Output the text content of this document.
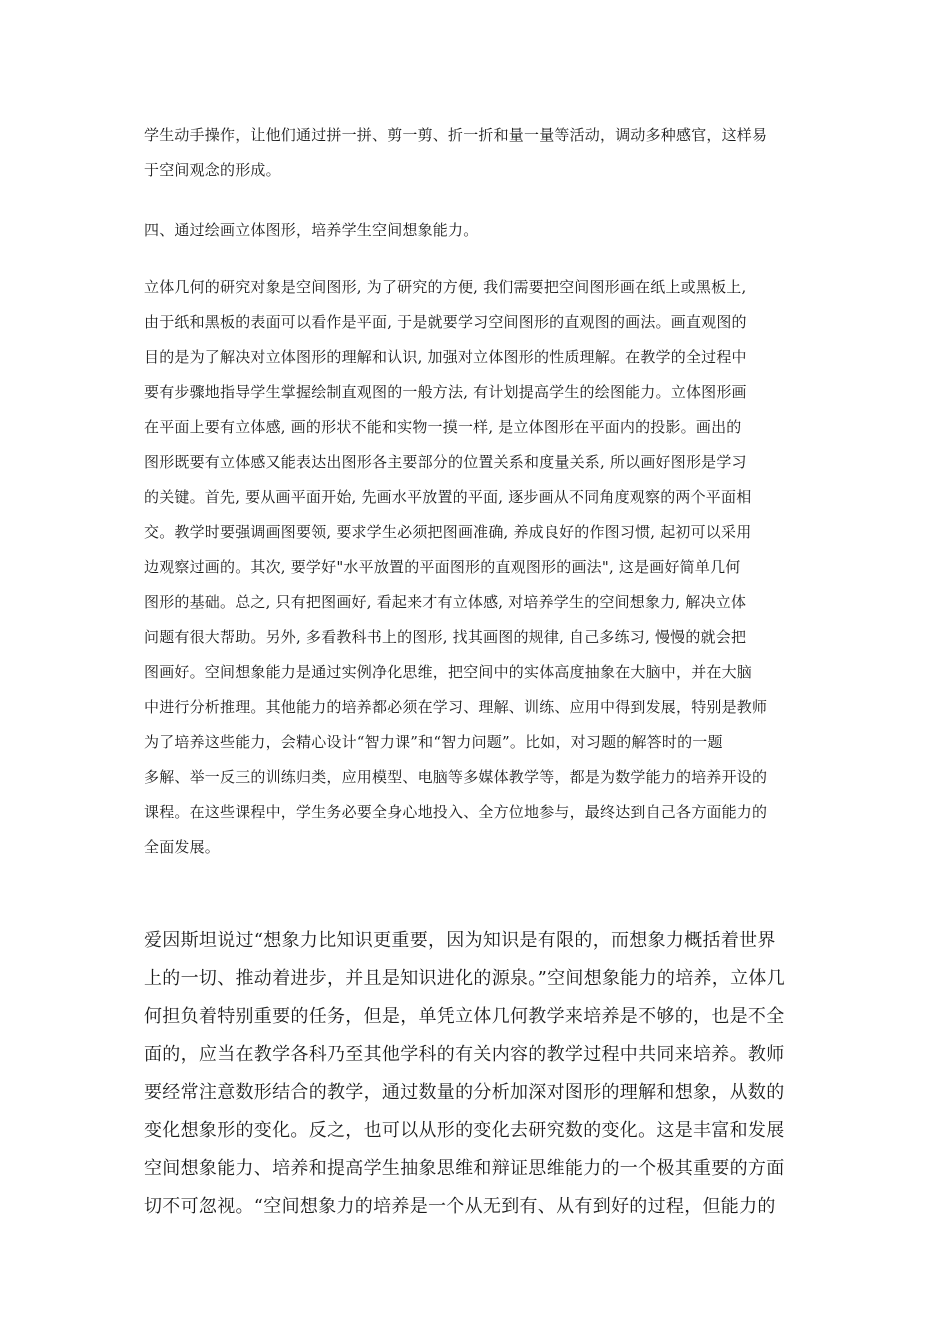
学生动手操作，让他们通过拼一拼、剪一剪、折一折和量一量等活动，调动多种感官，这样易
于空间观念的形成。

四、通过绘画立体图形，培养学生空间想象能力。

立体几何的研究对象是空间图形, 为了研究的方便, 我们需要把空间图形画在纸上或黑板上,
由于纸和黑板的表面可以看作是平面, 于是就要学习空间图形的直观图的画法。画直观图的
目的是为了解决对立体图形的理解和认识, 加强对立体图形的性质理解。在教学的全过程中
要有步骤地指导学生掌握绘制直观图的一般方法, 有计划提高学生的绘图能力。立体图形画
在平面上要有立体感, 画的形状不能和实物一摸一样, 是立体图形在平面内的投影。画出的
图形既要有立体感又能表达出图形各主要部分的位置关系和度量关系, 所以画好图形是学习
的关键。首先, 要从画平面开始, 先画水平放置的平面, 逐步画从不同角度观察的两个平面相
交。教学时要强调画图要领, 要求学生必须把图画准确, 养成良好的作图习惯, 起初可以采用
边观察过画的。其次, 要学好"水平放置的平面图形的直观图形的画法", 这是画好简单几何
图形的基础。总之, 只有把图画好, 看起来才有立体感, 对培养学生的空间想象力, 解决立体
问题有很大帮助。另外, 多看教科书上的图形, 找其画图的规律, 自己多练习, 慢慢的就会把
图画好。空间想象能力是通过实例净化思维，把空间中的实体高度抽象在大脑中，并在大脑
中进行分析推理。其他能力的培养都必须在学习、理解、训练、应用中得到发展，特别是教师
为了培养这些能力，会精心设计“智力课”和“智力问题”。比如，对习题的解答时的一题
多解、举一反三的训练归类，应用模型、电脑等多媒体教学等，都是为数学能力的培养开设的
课程。在这些课程中，学生务必要全身心地投入、全方位地参与，最终达到自己各方面能力的
全面发展。

爱因斯坦说过“想象力比知识更重要，因为知识是有限的，而想象力概括着世界
上的一切、推动着进步，并且是知识进化的源泉。”空间想象能力的培养，立体几
何担负着特别重要的任务，但是，单凭立体几何教学来培养是不够的，也是不全
面的，应当在教学各科乃至其他学科的有关内容的教学过程中共同来培养。教师
要经常注意数形结合的教学，通过数量的分析加深对图形的理解和想象，从数的
变化想象形的变化。反之，也可以从形的变化去研究数的变化。这是丰富和发展
空间想象能力、培养和提高学生抽象思维和辩证思维能力的一个极其重要的方面
切不可忽视。“空间想象力的培养是一个从无到有、从有到好的过程，但能力的
